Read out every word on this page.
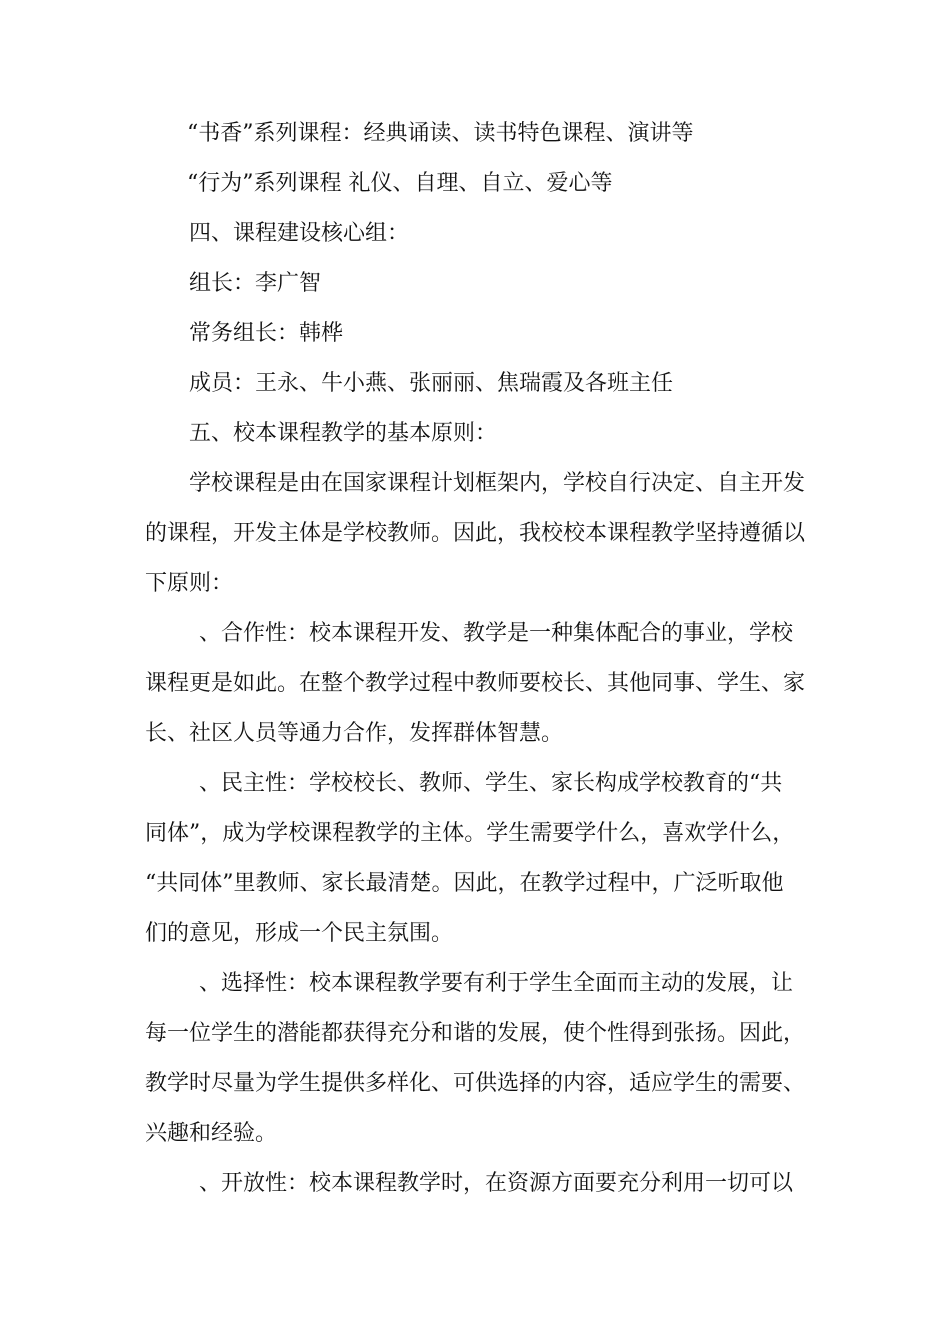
“书香”系列课程：经典诵读、读书特色课程、演讲等
“行为”系列课程 礼仪、自理、自立、爱心等
四、课程建设核心组：
组长：李广智
常务组长：韩桦
成员：王永、牛小燕、张丽丽、焦瑞霞及各班主任
五、校本课程教学的基本原则：
学校课程是由在国家课程计划框架内，学校自行决定、自主开发
的课程，开发主体是学校教师。因此，我校校本课程教学坚持遵循以
下原则：
、合作性：校本课程开发、教学是一种集体配合的事业，学校
课程更是如此。在整个教学过程中教师要校长、其他同事、学生、家
长、社区人员等通力合作，发挥群体智慧。
、民主性：学校校长、教师、学生、家长构成学校教育的“共
同体”，成为学校课程教学的主体。学生需要学什么，喜欢学什么，
“共同体”里教师、家长最清楚。因此，在教学过程中，广泛听取他
们的意见，形成一个民主氛围。
、选择性：校本课程教学要有利于学生全面而主动的发展，让
每一位学生的潜能都获得充分和谐的发展，使个性得到张扬。因此，
教学时尽量为学生提供多样化、可供选择的内容，适应学生的需要、
兴趣和经验。
、开放性：校本课程教学时，在资源方面要充分利用一切可以
